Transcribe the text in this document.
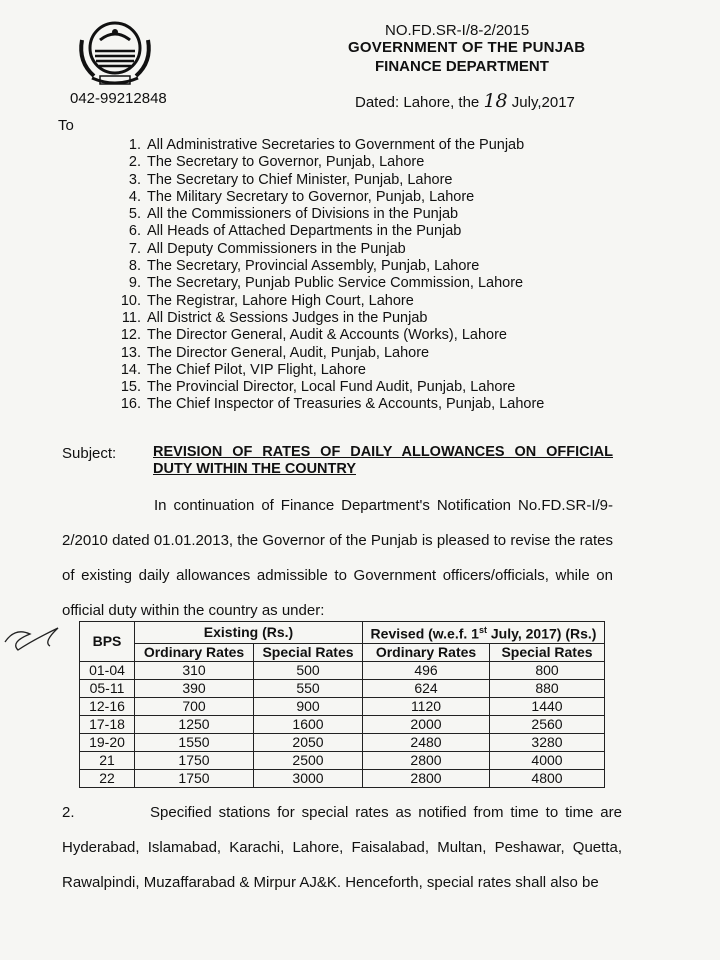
NO.FD.SR-I/8-2/2015
GOVERNMENT OF THE PUNJAB
FINANCE DEPARTMENT
042-99212848	Dated: Lahore, the 18 July,2017
To
1. All Administrative Secretaries to Government of the Punjab
2. The Secretary to Governor, Punjab, Lahore
3. The Secretary to Chief Minister, Punjab, Lahore
4. The Military Secretary to Governor, Punjab, Lahore
5. All the Commissioners of Divisions in the Punjab
6. All Heads of Attached Departments in the Punjab
7. All Deputy Commissioners in the Punjab
8. The Secretary, Provincial Assembly, Punjab, Lahore
9. The Secretary, Punjab Public Service Commission, Lahore
10. The Registrar, Lahore High Court, Lahore
11. All District & Sessions Judges in the Punjab
12. The Director General, Audit & Accounts (Works), Lahore
13. The Director General, Audit, Punjab, Lahore
14. The Chief Pilot, VIP Flight, Lahore
15. The Provincial Director, Local Fund Audit, Punjab, Lahore
16. The Chief Inspector of Treasuries & Accounts, Punjab, Lahore
Subject:	REVISION OF RATES OF DAILY ALLOWANCES ON OFFICIAL
DUTY WITHIN THE COUNTRY
In continuation of Finance Department's Notification No.FD.SR-I/9-2/2010 dated 01.01.2013, the Governor of the Punjab is pleased to revise the rates of existing daily allowances admissible to Government officers/officials, while on official duty within the country as under:
BPS	Existing (Rs.)		Revised (w.e.f. 1st July, 2017) (Rs.)	
	Ordinary Rates	Special Rates	Ordinary Rates	Special Rates
01-04	310	500	496	800
05-11	390	550	624	880
12-16	700	900	1120	1440
17-18	1250	1600	2000	2560
19-20	1550	2050	2480	3280
21	1750	2500	2800	4000
22	1750	3000	2800	4800
2.	Specified stations for special rates as notified from time to time are Hyderabad, Islamabad, Karachi, Lahore, Faisalabad, Multan, Peshawar, Quetta, Rawalpindi, Muzaffarabad & Mirpur AJ&K. Henceforth, special rates shall also be
